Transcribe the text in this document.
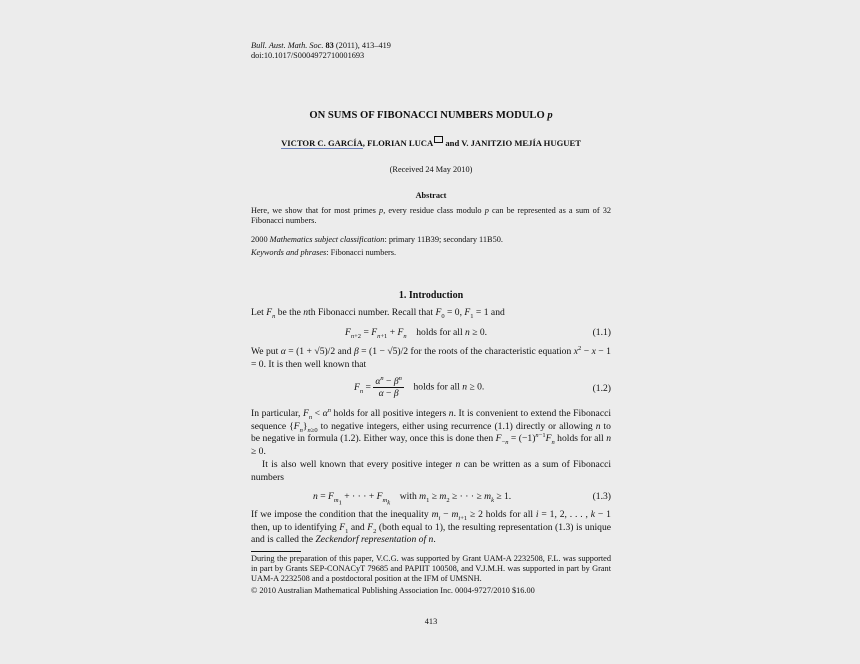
Bull. Aust. Math. Soc. 83 (2011), 413–419
doi:10.1017/S0004972710001693
ON SUMS OF FIBONACCI NUMBERS MODULO p
VICTOR C. GARCÍA, FLORIAN LUCA and V. JANITZIO MEJÍA HUGUET
(Received 24 May 2010)
Abstract
Here, we show that for most primes p, every residue class modulo p can be represented as a sum of 32 Fibonacci numbers.
2000 Mathematics subject classification: primary 11B39; secondary 11B50.
Keywords and phrases: Fibonacci numbers.
1. Introduction
Let $F_n$ be the nth Fibonacci number. Recall that $F_0 = 0$, $F_1 = 1$ and
$F_{n+2} = F_{n+1} + F_n$ holds for all n ≥ 0.	(1.1)
We put α = (1 + √5)/2 and β = (1 − √5)/2 for the roots of the characteristic equation $x^2 - x - 1 = 0$. It is then well known that
$F_n = \frac{\alpha^n - \beta^n}{\alpha - \beta}$ holds for all n ≥ 0.	(1.2)
In particular, $F_n < \alpha^n$ holds for all positive integers n. It is convenient to extend the Fibonacci sequence $\{F_n\}_{n\ge 0}$ to negative integers, either using recurrence (1.1) directly or allowing n to be negative in formula (1.2). Either way, once this is done then $F_{-n} = (-1)^{n-1}F_n$ holds for all n ≥ 0.
It is also well known that every positive integer n can be written as a sum of Fibonacci numbers
$n = F_{m_1}$ + · · · + $F_{m_k}$    with $m_1 \ge m_2$ ≥ · · · ≥ $m_k \ge 1$.	(1.3)
If we impose the condition that the inequality $m_i - m_{i+1} \ge 2$ holds for all i = 1, 2, . . . , k − 1 then, up to identifying $F_1$ and $F_2$ (both equal to 1), the resulting representation (1.3) is unique and is called the Zeckendorf representation of n.
During the preparation of this paper, V.C.G. was supported by Grant UAM-A 2232508, F.L. was supported in part by Grants SEP-CONACyT 79685 and PAPIIT 100508, and V.J.M.H. was supported in part by Grant UAM-A 2232508 and a postdoctoral position at the IFM of UMSNH.
© 2010 Australian Mathematical Publishing Association Inc. 0004-9727/2010 $16.00
413
